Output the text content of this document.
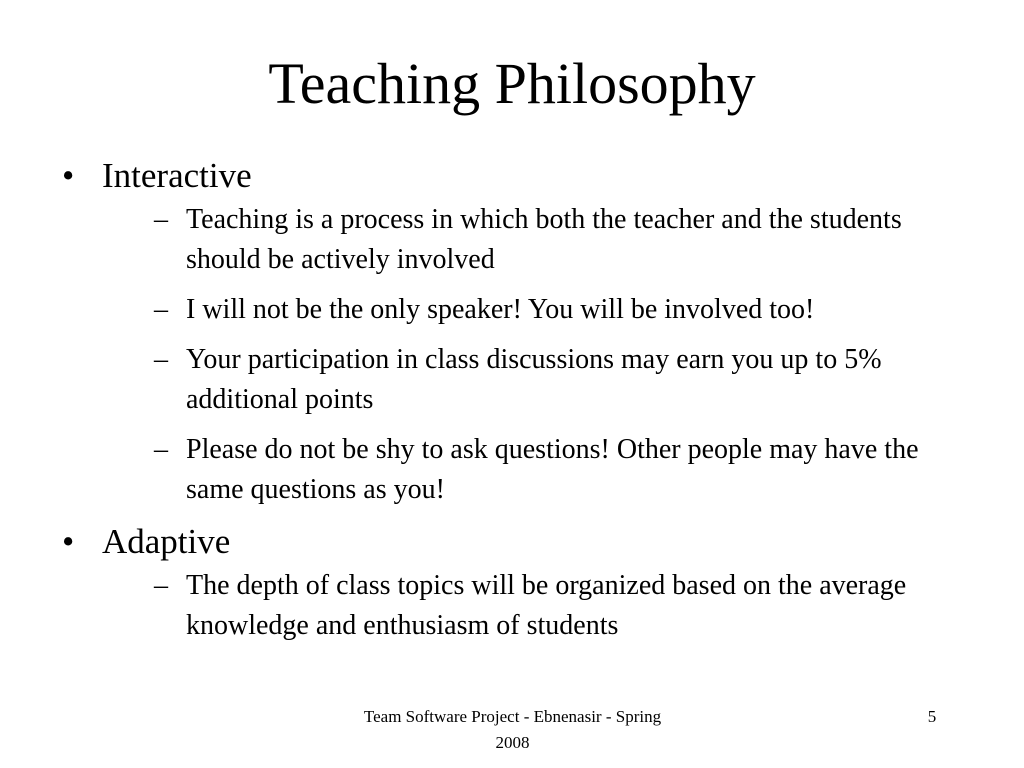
Teaching Philosophy
• Interactive
– Teaching is a process in which both the teacher and the students should be actively involved
– I will not be the only speaker! You will be involved too!
– Your participation in class discussions may earn you up to 5% additional points
– Please do not be shy to ask questions! Other people may have the same questions as you!
• Adaptive
– The depth of class topics will be organized based on the average knowledge and enthusiasm of students
Team Software Project - Ebnenasir - Spring 2008
5
